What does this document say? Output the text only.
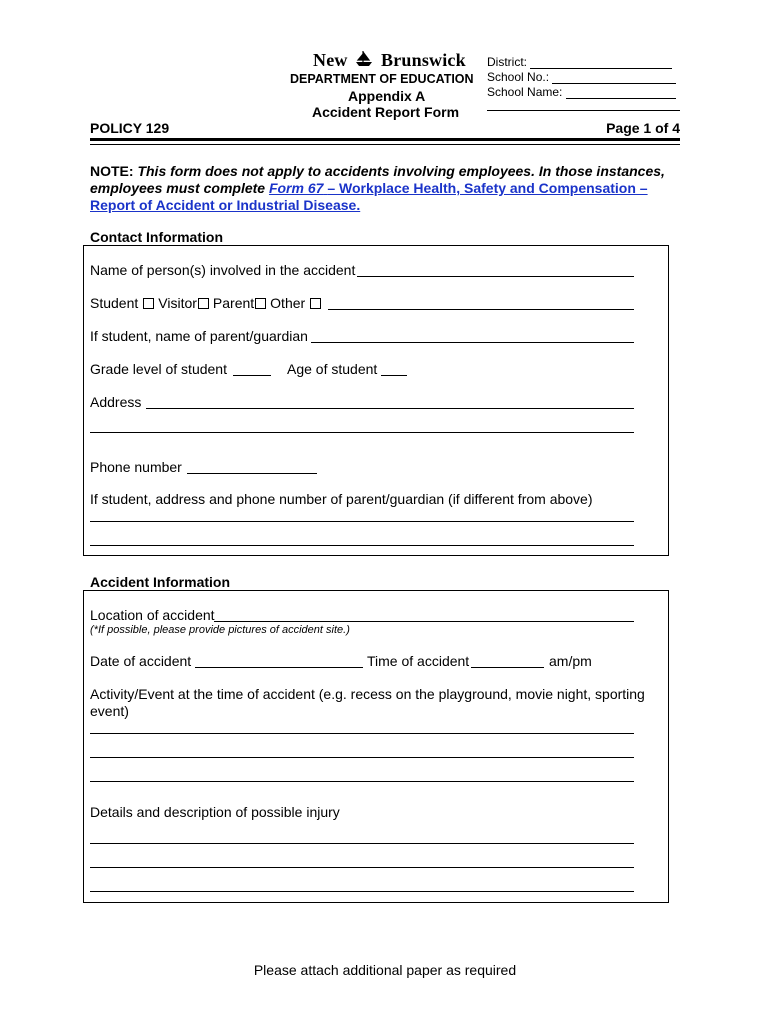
New Brunswick
DEPARTMENT OF EDUCATION
Appendix A
Accident Report Form
District:
School No.:
School Name:
POLICY 129	Page 1 of 4
NOTE: This form does not apply to accidents involving employees. In those instances, employees must complete Form 67 – Workplace Health, Safety and Compensation – Report of Accident or Industrial Disease.
Contact Information
Name of person(s) involved in the accident
Student Visitor Parent Other
If student, name of parent/guardian
Grade level of student	Age of student
Address
Phone number
If student, address and phone number of parent/guardian (if different from above)
Accident Information
Location of accident
(*If possible, please provide pictures of accident site.)
Date of accident	Time of accident	am/pm
Activity/Event at the time of accident (e.g. recess on the playground, movie night, sporting event)
Details and description of possible injury
Please attach additional paper as required
